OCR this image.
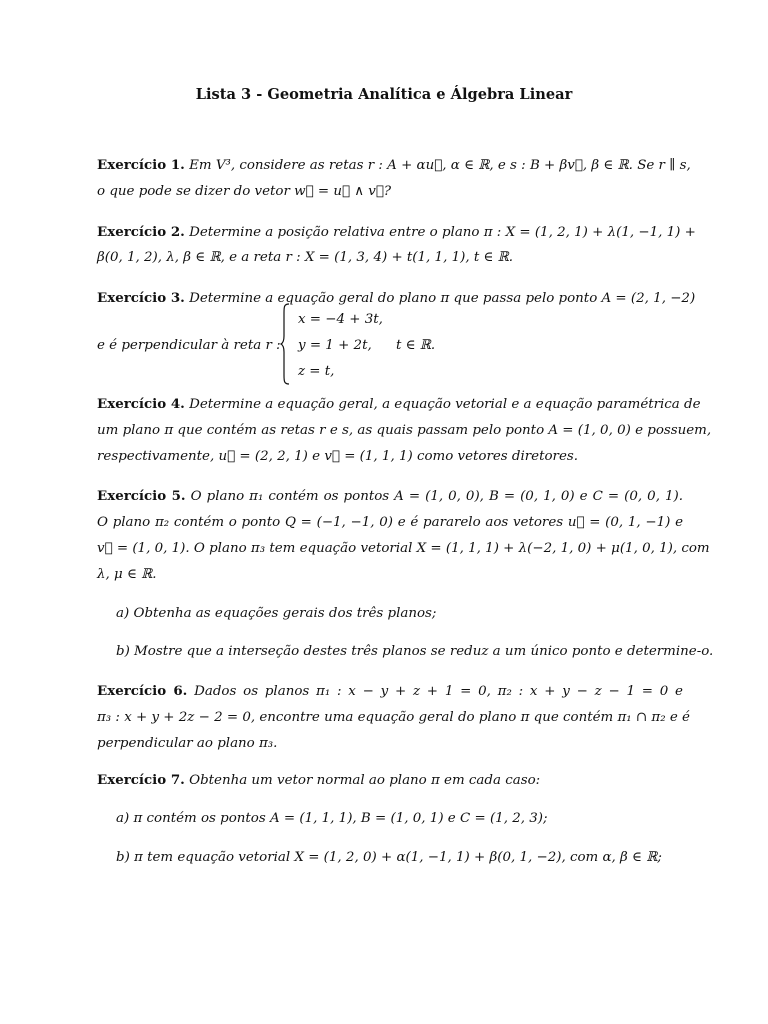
Lista 3 - Geometria Analítica e Álgebra Linear
Exercício 1. Em V³, considere as retas r : A + αu⃗, α ∈ ℝ, e s : B + βv⃗, β ∈ ℝ. Se r ∥ s,
o que pode se dizer do vetor w⃗ = u⃗ ∧ v⃗?
Exercício 2. Determine a posição relativa entre o plano π : X = (1, 2, 1) + λ(1, −1, 1) +
β(0, 1, 2), λ, β ∈ ℝ, e a reta r : X = (1, 3, 4) + t(1, 1, 1), t ∈ ℝ.
Exercício 3. Determine a equação geral do plano π que passa pelo ponto A = (2, 1, −2)
e é perpendicular à reta r :
x = −4 + 3t,
y = 1 + 2t,
z = t,
t ∈ ℝ.
Exercício 4. Determine a equação geral, a equação vetorial e a equação paramétrica de
um plano π que contém as retas r e s, as quais passam pelo ponto A = (1, 0, 0) e possuem,
respectivamente, u⃗ = (2, 2, 1) e v⃗ = (1, 1, 1) como vetores diretores.
Exercício 5. O plano π₁ contém os pontos A = (1, 0, 0), B = (0, 1, 0) e C = (0, 0, 1).
O plano π₂ contém o ponto Q = (−1, −1, 0) e é pararelo aos vetores u⃗ = (0, 1, −1) e
v⃗ = (1, 0, 1). O plano π₃ tem equação vetorial X = (1, 1, 1) + λ(−2, 1, 0) + μ(1, 0, 1), com
λ, μ ∈ ℝ.
a) Obtenha as equações gerais dos três planos;
b) Mostre que a interseção destes três planos se reduz a um único ponto e determine-o.
Exercício 6. Dados os planos π₁ : x − y + z + 1 = 0, π₂ : x + y − z − 1 = 0 e
π₃ : x + y + 2z − 2 = 0, encontre uma equação geral do plano π que contém π₁ ∩ π₂ e é
perpendicular ao plano π₃.
Exercício 7. Obtenha um vetor normal ao plano π em cada caso:
a) π contém os pontos A = (1, 1, 1), B = (1, 0, 1) e C = (1, 2, 3);
b) π tem equação vetorial X = (1, 2, 0) + α(1, −1, 1) + β(0, 1, −2), com α, β ∈ ℝ;
